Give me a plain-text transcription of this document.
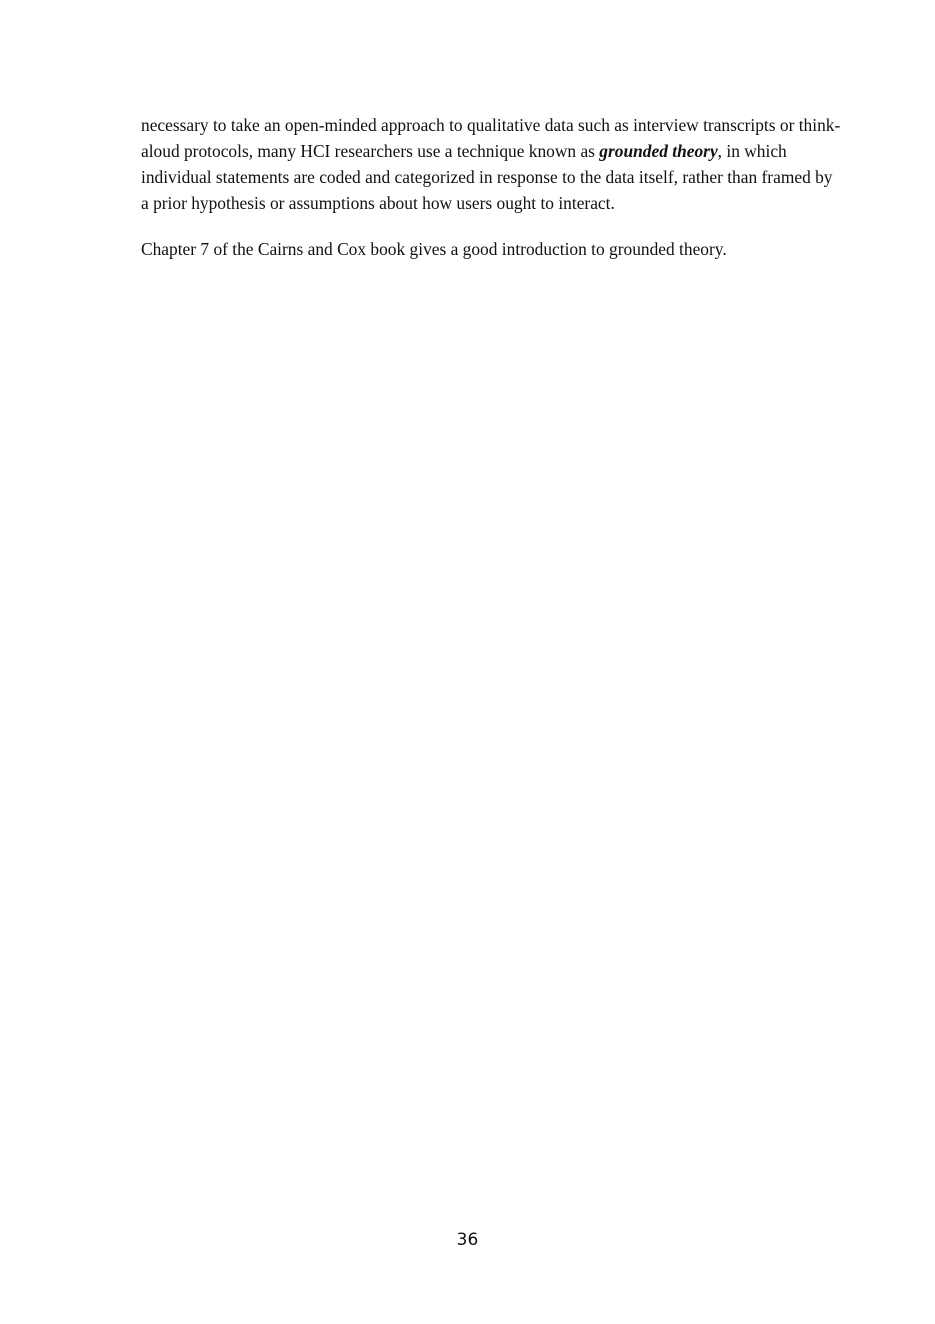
necessary to take an open-minded approach to qualitative data such as interview transcripts or think-aloud protocols, many HCI researchers use a technique known as grounded theory, in which individual statements are coded and categorized in response to the data itself, rather than framed by a prior hypothesis or assumptions about how users ought to interact.

Chapter 7 of the Cairns and Cox book gives a good introduction to grounded theory.

36
